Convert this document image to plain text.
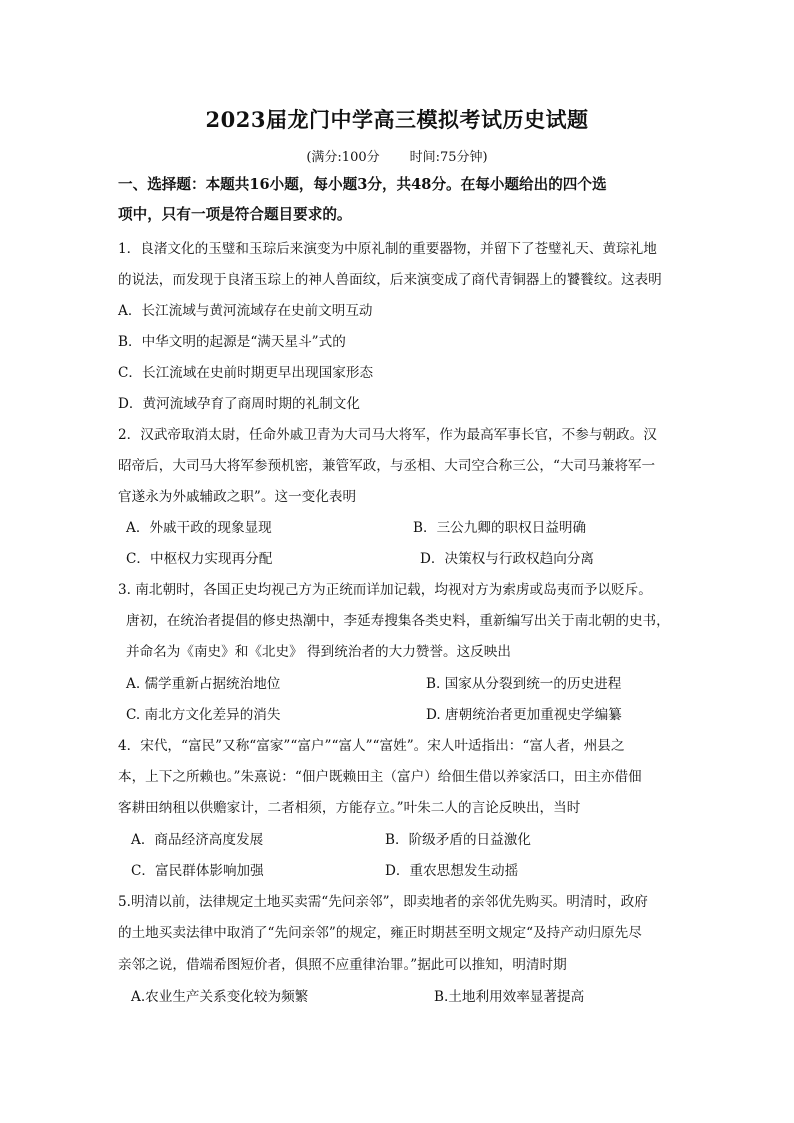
2023届龙门中学高三模拟考试历史试题
(满分:100分 时间:75分钟)
一、选择题：本题共16小题，每小题3分，共48分。在每小题给出的四个选
项中，只有一项是符合题目要求的。
1．良渚文化的玉璧和玉琮后来演变为中原礼制的重要器物，并留下了苍璧礼天、黄琮礼地
的说法，而发现于良渚玉琮上的神人兽面纹，后来演变成了商代青铜器上的饕餮纹。这表明
A．长江流域与黄河流域存在史前文明互动
B．中华文明的起源是“满天星斗”式的
C．长江流域在史前时期更早出现国家形态
D．黄河流域孕育了商周时期的礼制文化
2．汉武帝取消太尉，任命外戚卫青为大司马大将军，作为最高军事长官，不参与朝政。汉
昭帝后，大司马大将军参预机密，兼管军政，与丞相、大司空合称三公，“大司马兼将军一
官遂永为外戚辅政之职”。这一变化表明
A．外戚干政的现象显现	B．三公九卿的职权日益明确
C．中枢权力实现再分配	D．决策权与行政权趋向分离
3. 南北朝时，各国正史均视己方为正统而详加记载，均视对方为索虏或岛夷而予以贬斥。
唐初，在统治者提倡的修史热潮中，李延寿搜集各类史料，重新编写出关于南北朝的史书，
并命名为《南史》和《北史》 得到统治者的大力赞誉。这反映出
A. 儒学重新占据统治地位	B. 国家从分裂到统一的历史进程
C. 南北方文化差异的消失	D. 唐朝统治者更加重视史学编纂
4．宋代，“富民”又称“富家”“富户”“富人”“富姓”。宋人叶适指出：“富人者，州县之
本，上下之所赖也。”朱熹说：“佃户既赖田主（富户）给佃生借以养家活口，田主亦借佃
客耕田纳租以供赡家计，二者相须，方能存立。”叶朱二人的言论反映出，当时
A．商品经济高度发展	B．阶级矛盾的日益激化
C．富民群体影响加强	D．重农思想发生动摇
5.明清以前，法律规定土地买卖需“先问亲邻”，即卖地者的亲邻优先购买。明清时，政府
的土地买卖法律中取消了“先问亲邻”的规定，雍正时期甚至明文规定“及持产动归原先尽
亲邻之说，借端希图短价者，俱照不应重律治罪。”据此可以推知，明清时期
A.农业生产关系变化较为频繁	B.土地利用效率显著提高
